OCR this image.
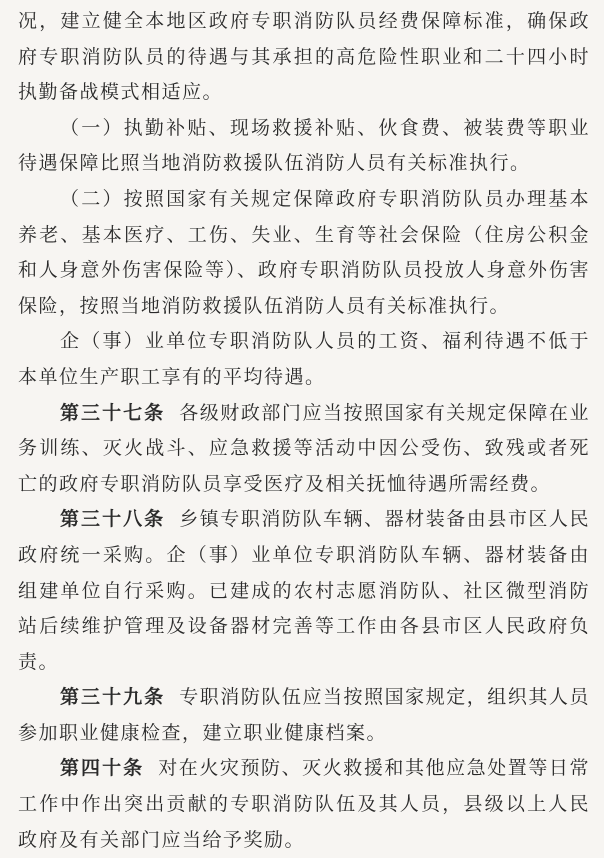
况，建立健全本地区政府专职消防队员经费保障标准，确保政府专职消防队员的待遇与其承担的高危险性职业和二十四小时执勤备战模式相适应。

（一）执勤补贴、现场救援补贴、伙食费、被装费等职业待遇保障比照当地消防救援队伍消防人员有关标准执行。

（二）按照国家有关规定保障政府专职消防队员办理基本养老、基本医疗、工伤、失业、生育等社会保险（住房公积金和人身意外伤害保险等）、政府专职消防队员投放人身意外伤害保险，按照当地消防救援队伍消防人员有关标准执行。

企（事）业单位专职消防队人员的工资、福利待遇不低于本单位生产职工享有的平均待遇。

第三十七条 各级财政部门应当按照国家有关规定保障在业务训练、灭火战斗、应急救援等活动中因公受伤、致残或者死亡的政府专职消防队员享受医疗及相关抚恤待遇所需经费。

第三十八条 乡镇专职消防队车辆、器材装备由县市区人民政府统一采购。企（事）业单位专职消防队车辆、器材装备由组建单位自行采购。已建成的农村志愿消防队、社区微型消防站后续维护管理及设备器材完善等工作由各县市区人民政府负责。

第三十九条 专职消防队伍应当按照国家规定，组织其人员参加职业健康检查，建立职业健康档案。

第四十条 对在火灾预防、灭火救援和其他应急处置等日常工作中作出突出贡献的专职消防队伍及其人员，县级以上人民政府及有关部门应当给予奖励。
